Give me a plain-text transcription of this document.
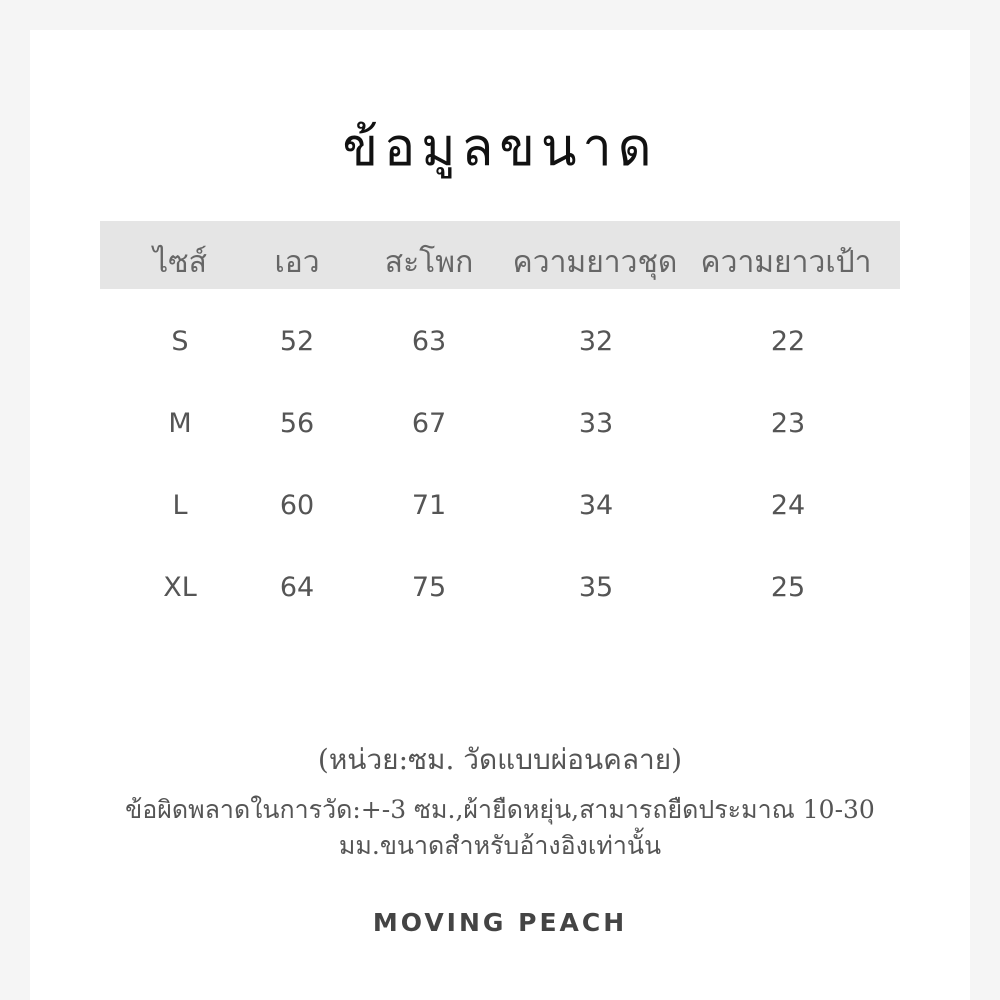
ข้อมูลขนาด
ไซส์ เอว สะโพก ความยาวชุด ความยาวเป้า
S	52	63	32	22
M	56	67	33	23
L	60	71	34	24
XL	64	75	35	25
(หน่วย:ซม. วัดแบบผ่อนคลาย)
ข้อผิดพลาดในการวัด:+-3 ซม.,ผ้ายืดหยุ่น,สามารถยืดประมาณ 10-30
มม.ขนาดสำหรับอ้างอิงเท่านั้น
MOVING PEACH
